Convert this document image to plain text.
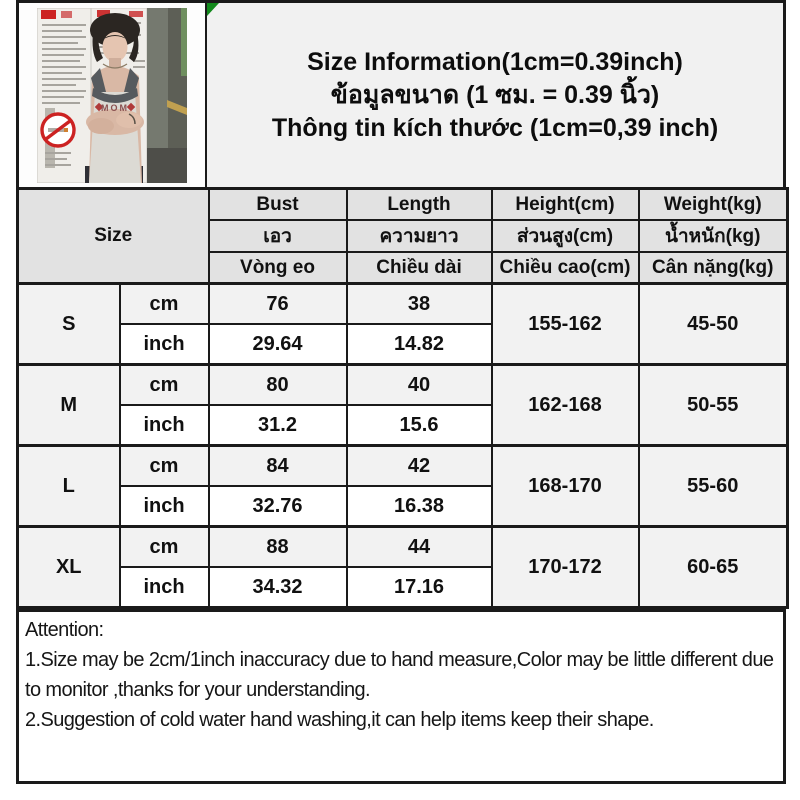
MOM
Size Information(1cm=0.39inch)
ข้อมูลขนาด (1 ซม. = 0.39 นิ้ว)
Thông tin kích thước (1cm=0,39 inch)
Size		Bust	Length	Height(cm)	Weight(kg)
		เอว	ความยาว	ส่วนสูง(cm)	น้ำหนัก(kg)
		Vòng eo	Chiều dài	Chiều cao(cm)	Cân nặng(kg)
S	cm	76	38	155-162	45-50
	inch	29.64	14.82		
M	cm	80	40	162-168	50-55
	inch	31.2	15.6		
L	cm	84	42	168-170	55-60
	inch	32.76	16.38		
XL	cm	88	44	170-172	60-65
	inch	34.32	17.16		
Attention:
1.Size may be 2cm/1inch inaccuracy due to hand measure,Color may be little different due to monitor ,thanks for your understanding.
2.Suggestion of cold water hand washing,it can help items keep their shape.
